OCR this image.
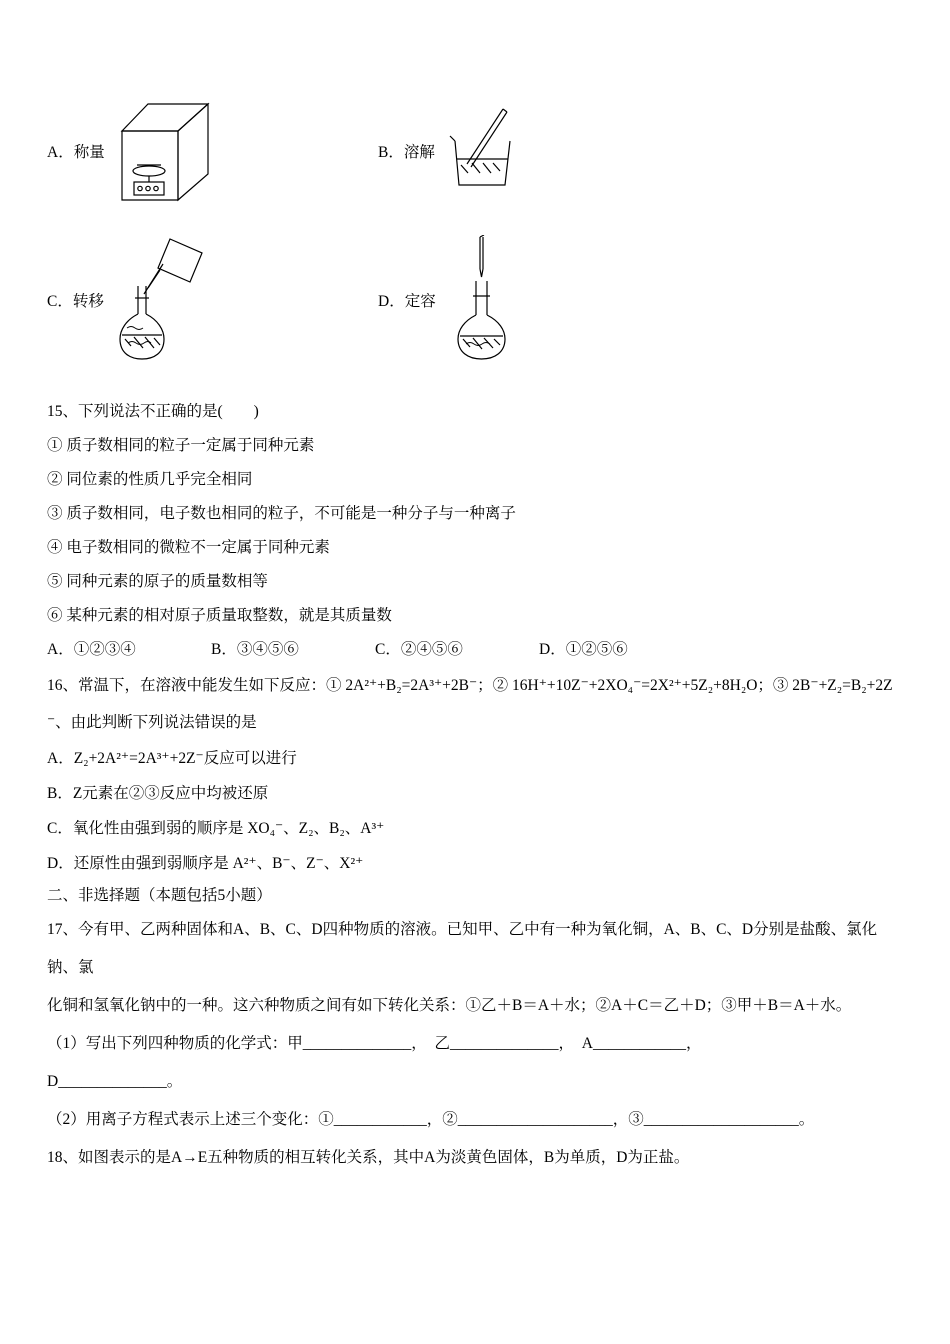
A．称量	B．溶解
C．转移	D．定容
15、下列说法不正确的是(　　)
① 质子数相同的粒子一定属于同种元素
② 同位素的性质几乎完全相同
③ 质子数相同，电子数也相同的粒子，不可能是一种分子与一种离子
④ 电子数相同的微粒不一定属于同种元素
⑤ 同种元素的原子的质量数相等
⑥ 某种元素的相对原子质量取整数，就是其质量数
A．①②③④	B．③④⑤⑥	C．②④⑤⑥	D．①②⑤⑥
16、常温下，在溶液中能发生如下反应：① 2A²⁺+B₂=2A³⁺+2B⁻；② 16H⁺+10Z⁻+2XO₄⁻=2X²⁺+5Z₂+8H₂O；③ 2B⁻+Z₂=B₂+2Z
⁻、由此判断下列说法错误的是
A．Z₂+2A²⁺=2A³⁺+2Z⁻反应可以进行
B．Z元素在②③反应中均被还原
C．氧化性由强到弱的顺序是 XO₄⁻、Z₂、B₂、A³⁺
D．还原性由强到弱顺序是 A²⁺、B⁻、Z⁻、X²⁺
二、非选择题（本题包括5小题）
17、今有甲、乙两种固体和A、B、C、D四种物质的溶液。已知甲、乙中有一种为氧化铜，A、B、C、D分别是盐酸、氯化钠、氯
化铜和氢氧化钠中的一种。这六种物质之间有如下转化关系：①乙＋B＝A＋水；②A＋C＝乙＋D；③甲＋B＝A＋水。
（1）写出下列四种物质的化学式：甲______________，  乙______________，  A____________，
D______________。
（2）用离子方程式表示上述三个变化：①____________，②____________________，③____________________。
18、如图表示的是A→E五种物质的相互转化关系，其中A为淡黄色固体，B为单质，D为正盐。
